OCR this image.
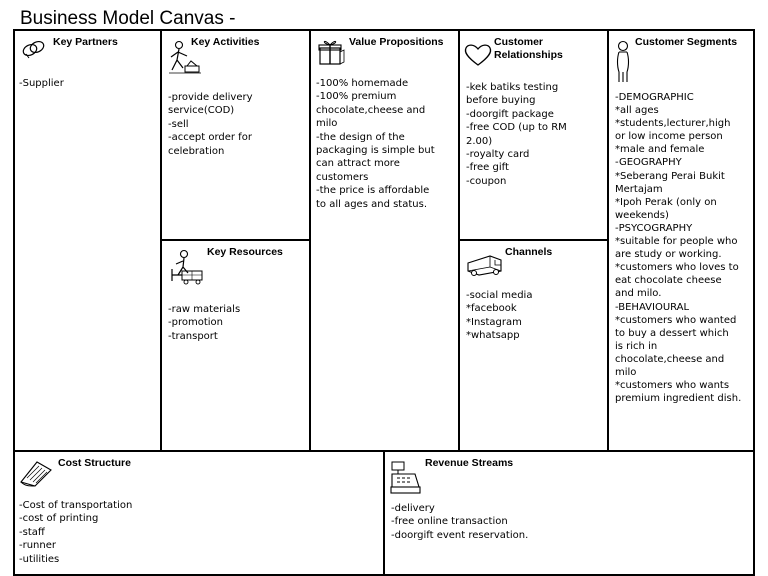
Business Model Canvas -
Key Partners
-Supplier
Key Activities
-provide delivery
service(COD)
-sell
-accept order for
celebration
Key Resources
-raw materials
-promotion
-transport
Value Propositions
-100% homemade
-100% premium
chocolate,cheese and
milo
-the design of the
packaging is simple but
can attract more
customers
-the price is affordable
to all ages and status.
Customer
Relationships
-kek batiks testing
before buying
-doorgift package
-free COD (up to RM
2.00)
-royalty card
-free gift
-coupon
Channels
-social media
*facebook
*Instagram
*whatsapp
Customer Segments
-DEMOGRAPHIC
*all ages
*students,lecturer,high
or low income person
*male and female
-GEOGRAPHY
*Seberang Perai Bukit
Mertajam
*Ipoh Perak (only on
weekends)
-PSYCOGRAPHY
*suitable for people who
are study or working.
*customers who loves to
eat chocolate cheese
and milo.
-BEHAVIOURAL
*customers who wanted
to buy a dessert which
is rich in
chocolate,cheese and
milo
*customers who wants
premium ingredient dish.
Cost Structure
-Cost of transportation
-cost of printing
-staff
-runner
-utilities
Revenue Streams
-delivery
-free online transaction
-doorgift event reservation.
